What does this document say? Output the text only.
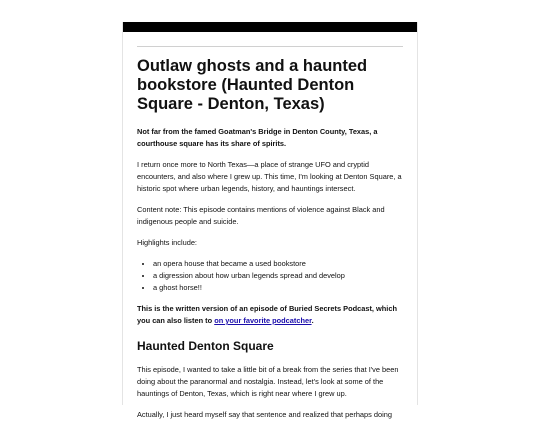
Outlaw ghosts and a haunted bookstore (Haunted Denton Square - Denton, Texas)

Not far from the famed Goatman's Bridge in Denton County, Texas, a courthouse square has its share of spirits.

I return once more to North Texas—a place of strange UFO and cryptid encounters, and also where I grew up. This time, I'm looking at Denton Square, a historic spot where urban legends, history, and hauntings intersect.

Content note: This episode contains mentions of violence against Black and indigenous people and suicide.

Highlights include:

• an opera house that became a used bookstore
• a digression about how urban legends spread and develop
• a ghost horse!!

This is the written version of an episode of Buried Secrets Podcast, which you can also listen to on your favorite podcatcher.

Haunted Denton Square

This episode, I wanted to take a little bit of a break from the series that I've been doing about the paranormal and nostalgia. Instead, let's look at some of the hauntings of Denton, Texas, which is right near where I grew up.

Actually, I just heard myself say that sentence and realized that perhaps doing
